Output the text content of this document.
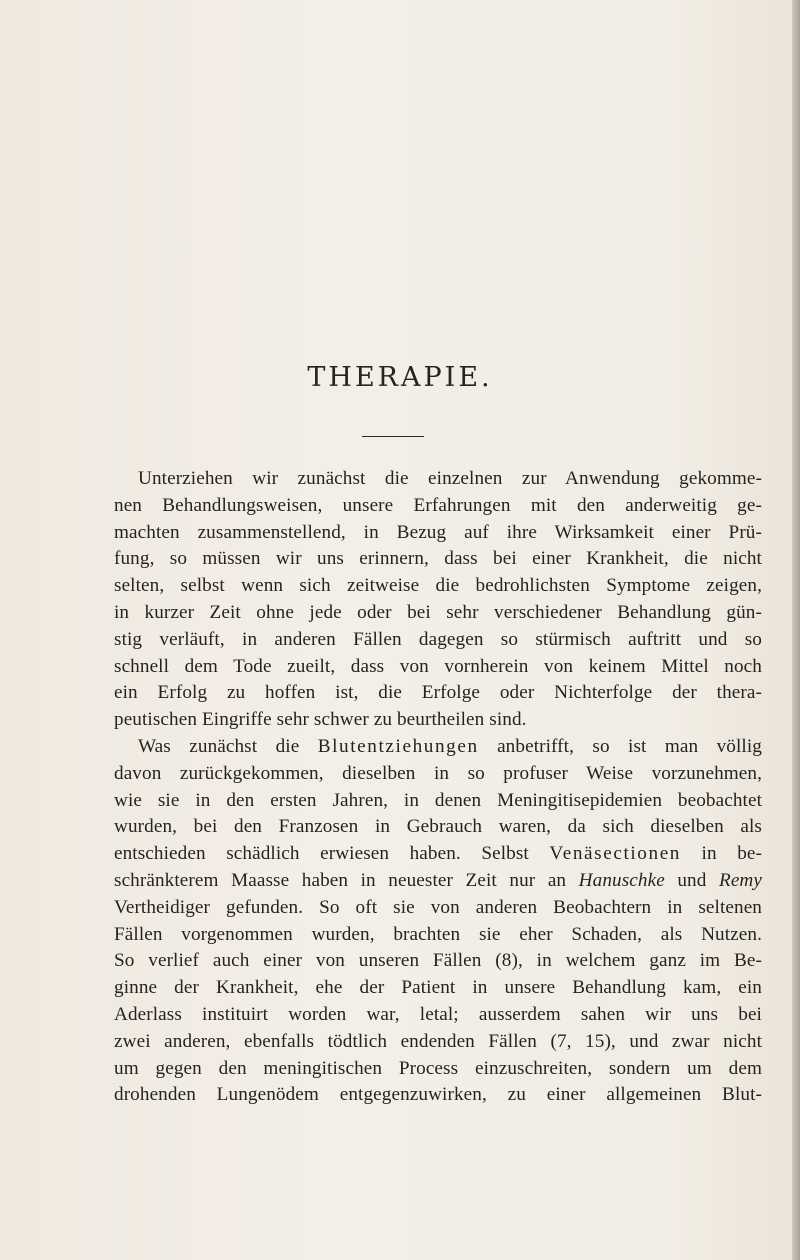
THERAPIE.
Unterziehen wir zunächst die einzelnen zur Anwendung gekomme-
nen Behandlungsweisen, unsere Erfahrungen mit den anderweitig ge-
machten zusammenstellend, in Bezug auf ihre Wirksamkeit einer Prü-
fung, so müssen wir uns erinnern, dass bei einer Krankheit, die nicht
selten, selbst wenn sich zeitweise die bedrohlichsten Symptome zeigen,
in kurzer Zeit ohne jede oder bei sehr verschiedener Behandlung gün-
stig verläuft, in anderen Fällen dagegen so stürmisch auftritt und so
schnell dem Tode zueilt, dass von vornherein von keinem Mittel noch
ein Erfolg zu hoffen ist, die Erfolge oder Nichterfolge der thera-
peutischen Eingriffe sehr schwer zu beurtheilen sind.
Was zunächst die Blutentziehungen anbetrifft, so ist man völlig
davon zurückgekommen, dieselben in so profuser Weise vorzunehmen,
wie sie in den ersten Jahren, in denen Meningitisepidemien beobachtet
wurden, bei den Franzosen in Gebrauch waren, da sich dieselben als
entschieden schädlich erwiesen haben. Selbst Venäsectionen in be-
schränkterem Maasse haben in neuester Zeit nur an Hanuschke und Remy
Vertheidiger gefunden. So oft sie von anderen Beobachtern in seltenen
Fällen vorgenommen wurden, brachten sie eher Schaden, als Nutzen.
So verlief auch einer von unseren Fällen (8), in welchem ganz im Be-
ginne der Krankheit, ehe der Patient in unsere Behandlung kam, ein
Aderlass instituirt worden war, letal; ausserdem sahen wir uns bei
zwei anderen, ebenfalls tödtlich endenden Fällen (7, 15), und zwar nicht
um gegen den meningitischen Process einzuschreiten, sondern um dem
drohenden Lungenödem entgegenzuwirken, zu einer allgemeinen Blut-
